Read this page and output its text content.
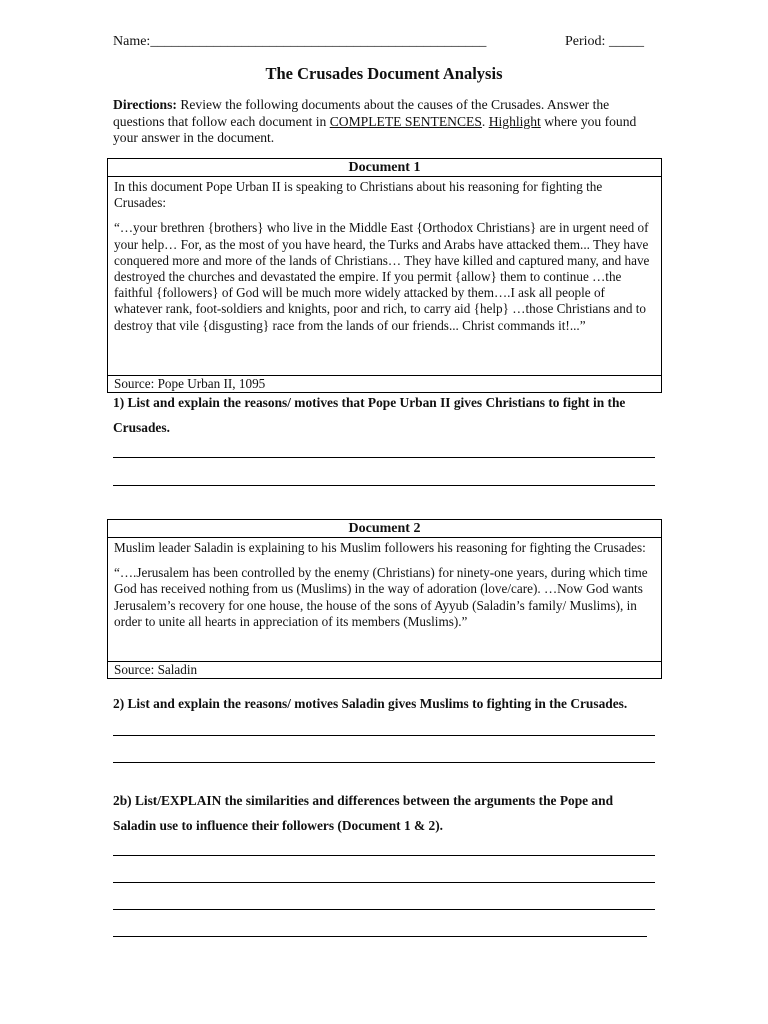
Name:________________________________________________	Period: _____
The Crusades Document Analysis
Directions: Review the following documents about the causes of the Crusades. Answer the questions that follow each document in COMPLETE SENTENCES. Highlight where you found your answer in the document.
Document 1

In this document Pope Urban II is speaking to Christians about his reasoning for fighting the Crusades:

“…your brethren {brothers} who live in the Middle East {Orthodox Christians} are in urgent need of your help… For, as the most of you have heard, the Turks and Arabs have attacked them... They have conquered more and more of the lands of Christians… They have killed and captured many, and have destroyed the churches and devastated the empire. If you permit {allow} them to continue …the faithful {followers} of God will be much more widely attacked by them….I ask all people of whatever rank, foot-soldiers and knights, poor and rich, to carry aid {help} …those Christians and to destroy that vile {disgusting} race from the lands of our friends... Christ commands it!...”

Source: Pope Urban II, 1095
1) List and explain the reasons/ motives that Pope Urban II gives Christians to fight in the Crusades.
Document 2

Muslim leader Saladin is explaining to his Muslim followers his reasoning for fighting the Crusades:

“….Jerusalem has been controlled by the enemy (Christians) for ninety-one years, during which time God has received nothing from us (Muslims) in the way of adoration (love/care). …Now God wants Jerusalem’s recovery for one house, the house of the sons of Ayyub (Saladin’s family/ Muslims), in order to unite all hearts in appreciation of its members (Muslims).”

Source: Saladin
2) List and explain the reasons/ motives Saladin gives Muslims to fighting in the Crusades.
2b) List/EXPLAIN the similarities and differences between the arguments the Pope and Saladin use to influence their followers (Document 1 & 2).
